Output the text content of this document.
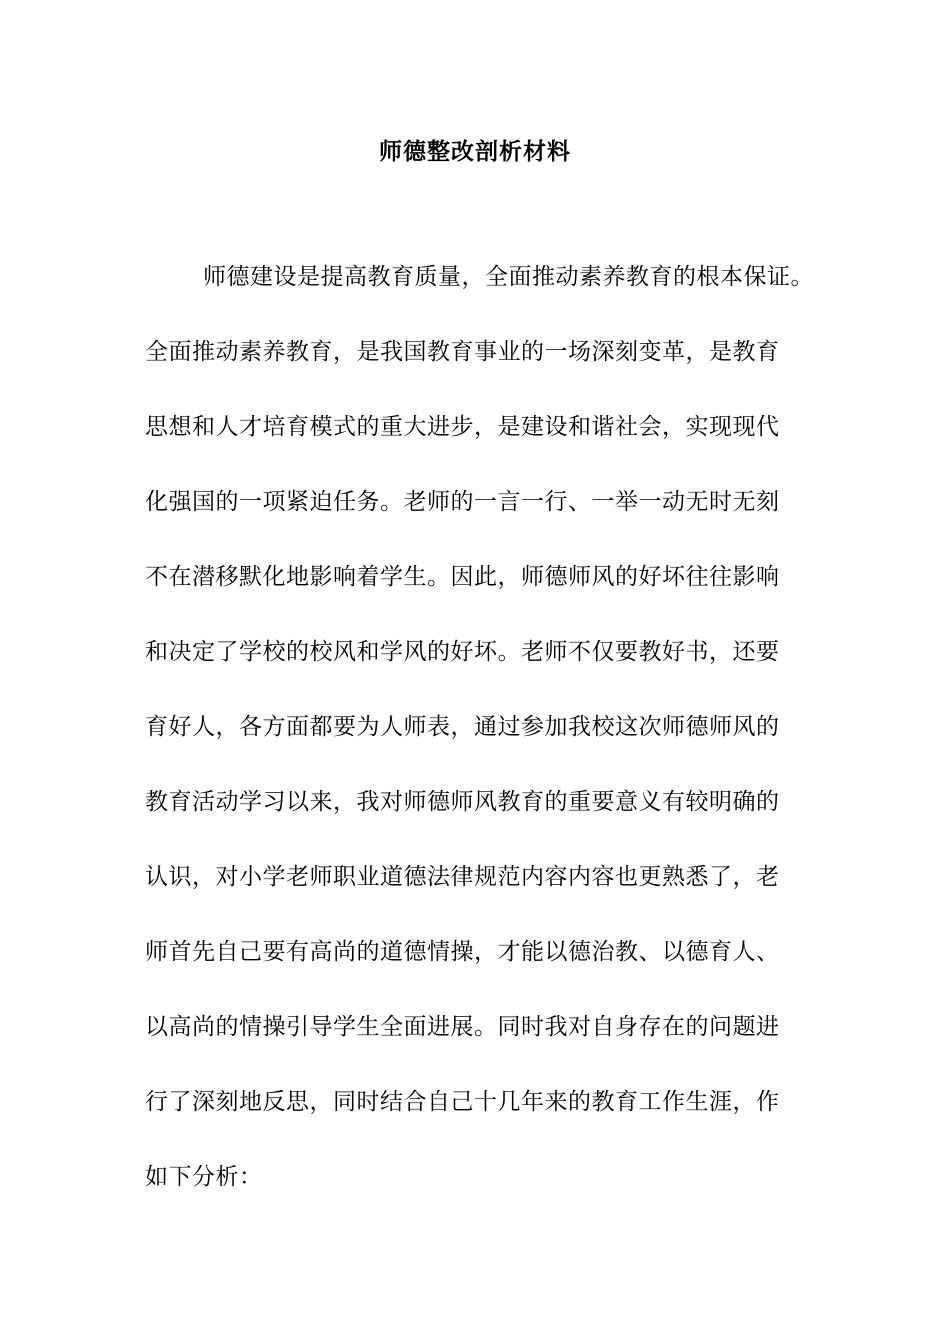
师德整改剖析材料
师德建设是提高教育质量，全面推动素养教育的根本保证。
全面推动素养教育，是我国教育事业的一场深刻变革，是教育
思想和人才培育模式的重大进步，是建设和谐社会，实现现代
化强国的一项紧迫任务。老师的一言一行、一举一动无时无刻
不在潜移默化地影响着学生。因此，师德师风的好坏往往影响
和决定了学校的校风和学风的好坏。老师不仅要教好书，还要
育好人，各方面都要为人师表，通过参加我校这次师德师风的
教育活动学习以来，我对师德师风教育的重要意义有较明确的
认识，对小学老师职业道德法律规范内容内容也更熟悉了，老
师首先自己要有高尚的道德情操，才能以德治教、以德育人、
以高尚的情操引导学生全面进展。同时我对自身存在的问题进
行了深刻地反思，同时结合自己十几年来的教育工作生涯，作
如下分析：
